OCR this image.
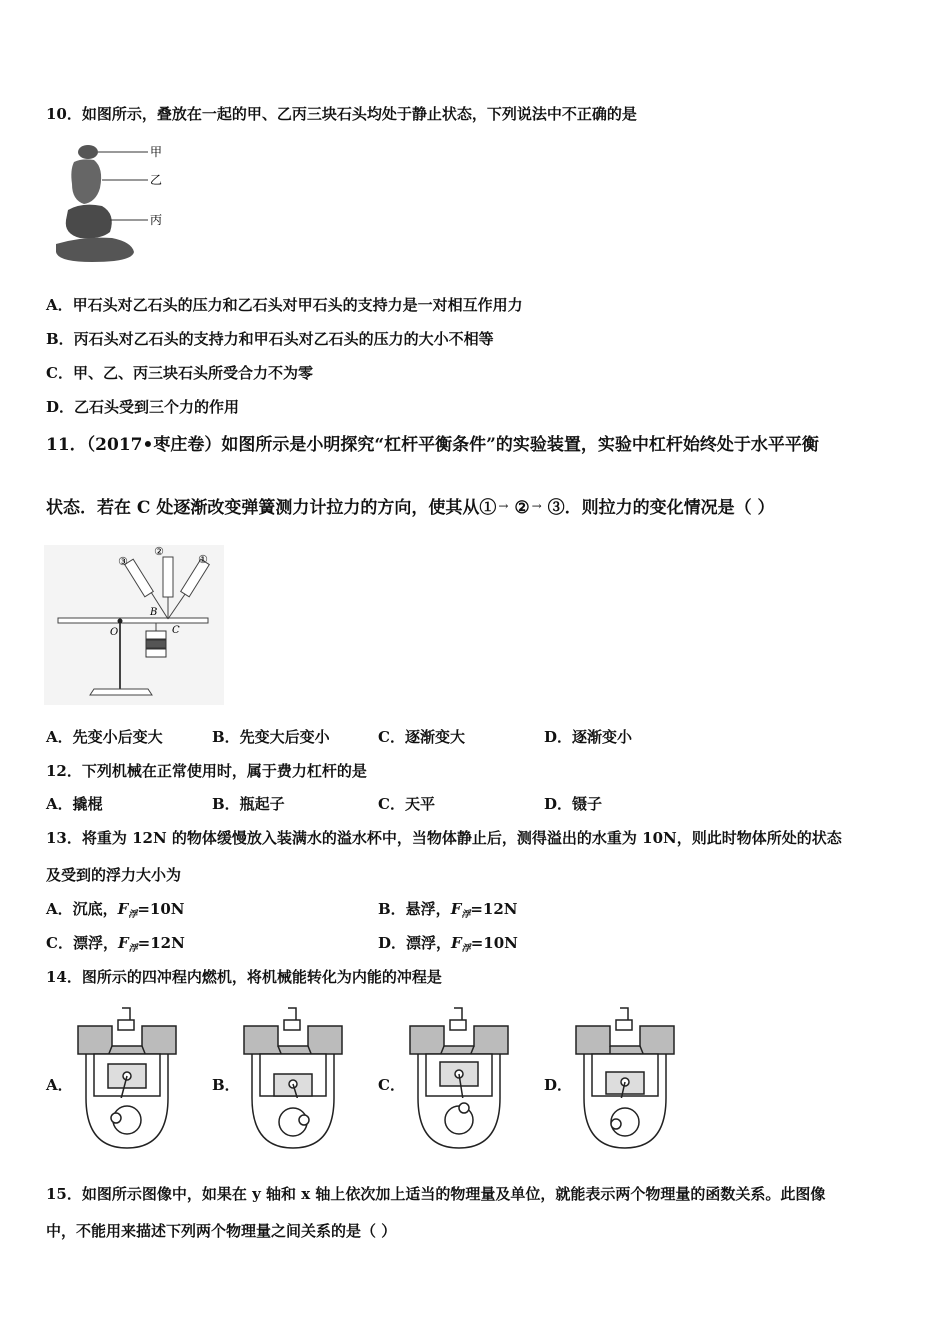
10．如图所示，叠放在一起的甲、乙丙三块石头均处于静止状态，下列说法中不正确的是
甲
乙
丙
A．甲石头对乙石头的压力和乙石头对甲石头的支持力是一对相互作用力
B．丙石头对乙石头的支持力和甲石头对乙石头的压力的大小不相等
C．甲、乙、丙三块石头所受合力不为零
D．乙石头受到三个力的作用
11．（2017•枣庄卷）如图所示是小明探究“杠杆平衡条件”的实验装置，实验中杠杆始终处于水平平衡
状态．若在 C 处逐渐改变弹簧测力计拉力的方向，使其从① ② ③．则拉力的变化情况是（ ）
③
②
①
O
B
C
A．先变小后变大	B．先变大后变小	C．逐渐变大	D．逐渐变小
12．下列机械在正常使用时，属于费力杠杆的是
A．撬棍	B．瓶起子	C．天平	D．镊子
13．将重为 12N 的物体缓慢放入装满水的溢水杯中，当物体静止后，测得溢出的水重为 10N，则此时物体所处的状态
及受到的浮力大小为
A．沉底，$F_浮=10N$	B．悬浮，$F_浮=12N$
C．漂浮，$F_浮=12N$	D．漂浮，$F_浮=10N$
14．图所示的四冲程内燃机，将机械能转化为内能的冲程是
A．	B．	C．	D．
15．如图所示图像中，如果在 y 轴和 x 轴上依次加上适当的物理量及单位，就能表示两个物理量的函数关系。此图像
中，不能用来描述下列两个物理量之间关系的是（ ）
